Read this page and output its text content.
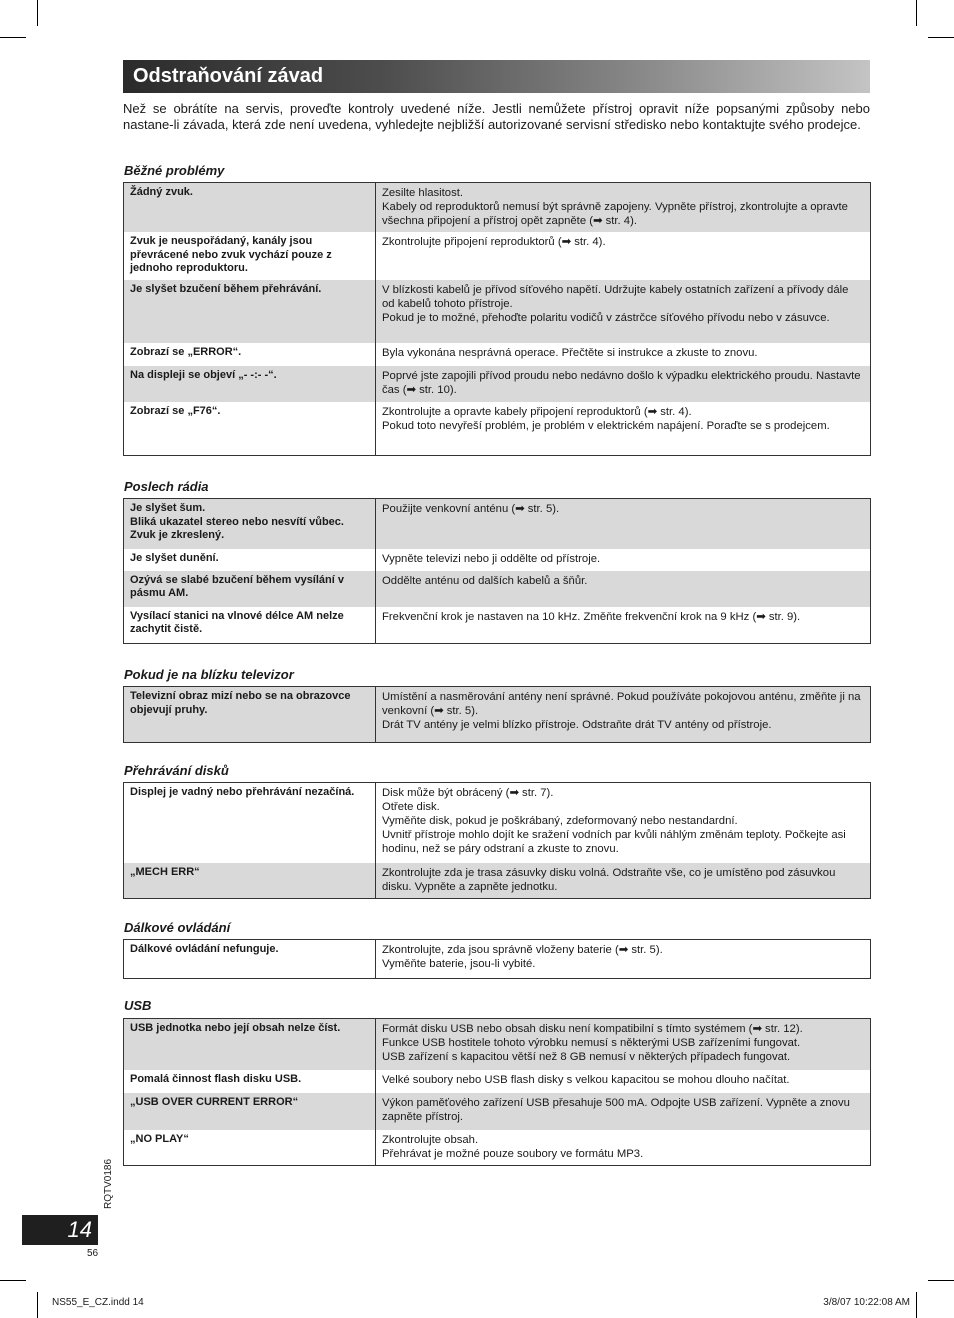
Odstraňování závad

Než se obrátíte na servis, proveďte kontroly uvedené níže. Jestli nemůžete přístroj opravit níže popsanými způsoby nebo nastane-li závada, která zde není uvedena, vyhledejte nejbližší autorizované servisní středisko nebo kontaktujte svého prodejce.

Běžné problémy
Žádný zvuk.	Zesilte hlasitost.
Kabely od reproduktorů nemusí být správně zapojeny. Vypněte přístroj, zkontrolujte a opravte všechna připojení a přístroj opět zapněte (➡ str. 4).
Zvuk je neuspořádaný, kanály jsou převrácené nebo zvuk vychází pouze z jednoho reproduktoru.	Zkontrolujte připojení reproduktorů (➡ str. 4).
Je slyšet bzučení během přehrávání.	V blízkosti kabelů je přívod síťového napětí. Udržujte kabely ostatních zařízení a přívody dále od kabelů tohoto přístroje.
Pokud je to možné, přehoďte polaritu vodičů v zástrčce síťového přívodu nebo v zásuvce.
Zobrazí se „ERROR“.	Byla vykonána nesprávná operace. Přečtěte si instrukce a zkuste to znovu.
Na displeji se objeví „- -:- -“.	Poprvé jste zapojili přívod proudu nebo nedávno došlo k výpadku elektrického proudu. Nastavte čas (➡ str. 10).
Zobrazí se „F76“.	Zkontrolujte a opravte kabely připojení reproduktorů (➡ str. 4).
Pokud toto nevyřeší problém, je problém v elektrickém napájení. Poraďte se s prodejcem.
Poslech rádia
Je slyšet šum.
Bliká ukazatel stereo nebo nesvítí vůbec.
Zvuk je zkreslený.	Použijte venkovní anténu (➡ str. 5).
Je slyšet dunění.	Vypněte televizi nebo ji oddělte od přístroje.
Ozývá se slabé bzučení během vysílání v pásmu AM.	Oddělte anténu od dalších kabelů a šňůr.
Vysílací stanici na vlnové délce AM nelze zachytit čistě.	Frekvenční krok je nastaven na 10 kHz. Změňte frekvenční krok na 9 kHz (➡ str. 9).
Pokud je na blízku televizor
Televizní obraz mizí nebo se na obrazovce objevují pruhy.	Umístění a nasměrování antény není správné. Pokud používáte pokojovou anténu, změňte ji na venkovní (➡ str. 5).
Drát TV antény je velmi blízko přístroje. Odstraňte drát TV antény od přístroje.
Přehrávání disků
Displej je vadný nebo přehrávání nezačíná.	Disk může být obrácený (➡ str. 7).
Otřete disk.
Vyměňte disk, pokud je poškrábaný, zdeformovaný nebo nestandardní.
Uvnitř přístroje mohlo dojít ke sražení vodních par kvůli náhlým změnám teploty. Počkejte asi hodinu, než se páry odstraní a zkuste to znovu.
„MECH ERR“	Zkontrolujte zda je trasa zásuvky disku volná. Odstraňte vše, co je umístěno pod zásuvkou disku. Vypněte a zapněte jednotku.
Dálkové ovládání
Dálkové ovládání nefunguje.	Zkontrolujte, zda jsou správně vloženy baterie (➡ str. 5).
Vyměňte baterie, jsou-li vybité.
USB
USB jednotka nebo její obsah nelze číst.	Formát disku USB nebo obsah disku není kompatibilní s tímto systémem (➡ str. 12).
Funkce USB hostitele tohoto výrobku nemusí s některými USB zařízeními fungovat.
USB zařízení s kapacitou větší než 8 GB nemusí v některých případech fungovat.
Pomalá činnost flash disku USB.	Velké soubory nebo USB flash disky s velkou kapacitou se mohou dlouho načítat.
„USB OVER CURRENT ERROR“	Výkon paměťového zařízení USB přesahuje 500 mA. Odpojte USB zařízení. Vypněte a znovu zapněte přístroj.
„NO PLAY“	Zkontrolujte obsah.
Přehrávat je možné pouze soubory ve formátu MP3.
RQTV0186
14
56
NS55_E_CZ.indd 14	3/8/07 10:22:08 AM
